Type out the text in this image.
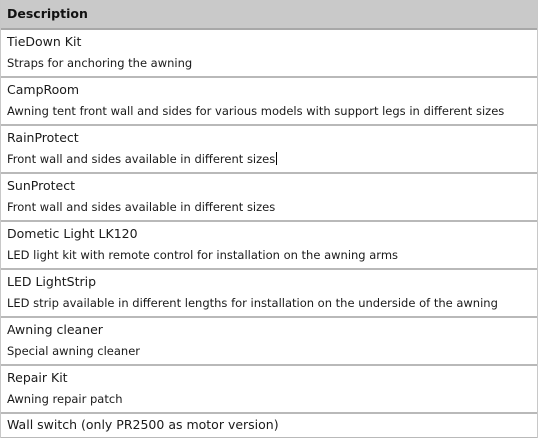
Description
TieDown Kit
Straps for anchoring the awning
CampRoom
Awning tent front wall and sides for various models with support legs in different sizes
RainProtect
Front wall and sides available in different sizes
SunProtect
Front wall and sides available in different sizes
Dometic Light LK120
LED light kit with remote control for installation on the awning arms
LED LightStrip
LED strip available in different lengths for installation on the underside of the awning
Awning cleaner
Special awning cleaner
Repair Kit
Awning repair patch
Wall switch (only PR2500 as motor version)
